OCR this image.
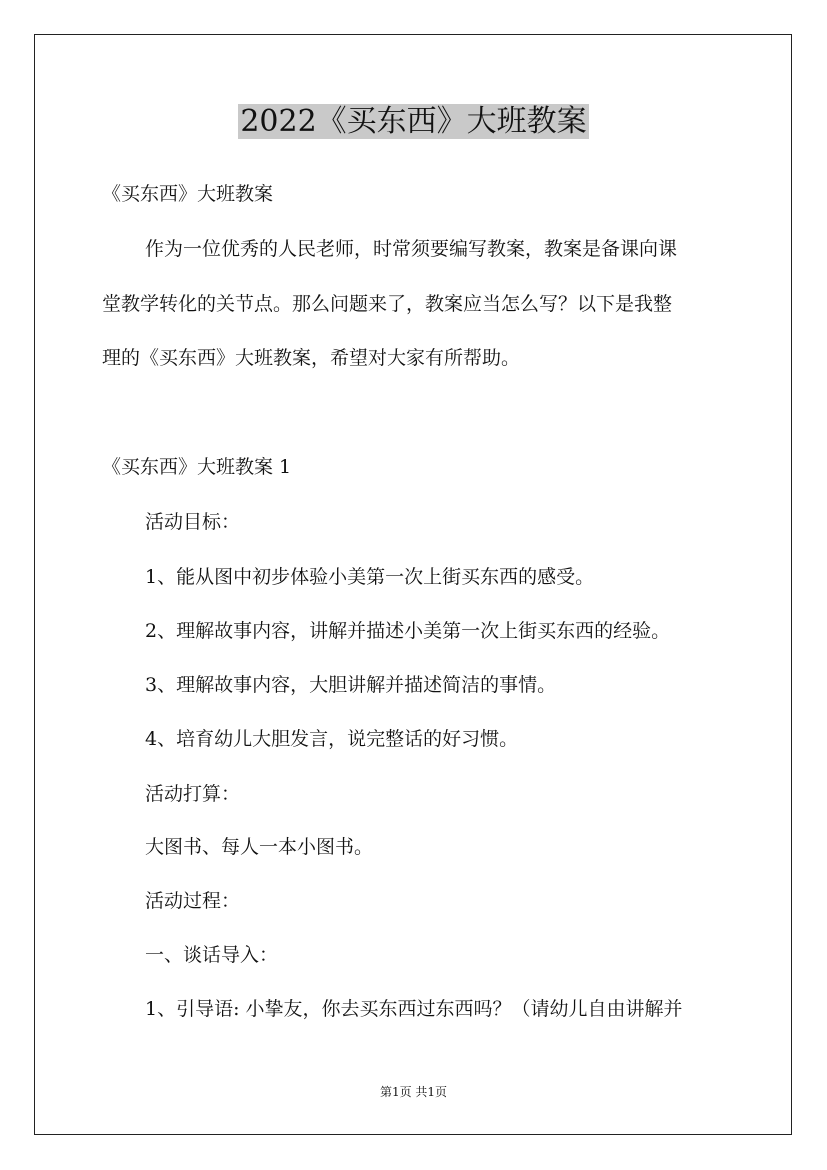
2022《买东西》大班教案
《买东西》大班教案
作为一位优秀的人民老师，时常须要编写教案，教案是备课向课
堂教学转化的关节点。那么问题来了，教案应当怎么写？以下是我整
理的《买东西》大班教案，希望对大家有所帮助。
《买东西》大班教案 1
活动目标：
1、能从图中初步体验小美第一次上街买东西的感受。
2、理解故事内容，讲解并描述小美第一次上街买东西的经验。
3、理解故事内容，大胆讲解并描述简洁的事情。
4、培育幼儿大胆发言，说完整话的好习惯。
活动打算：
大图书、每人一本小图书。
活动过程：
一、谈话导入：
1、引导语: 小挚友，你去买东西过东西吗？（请幼儿自由讲解并
第1页 共1页
